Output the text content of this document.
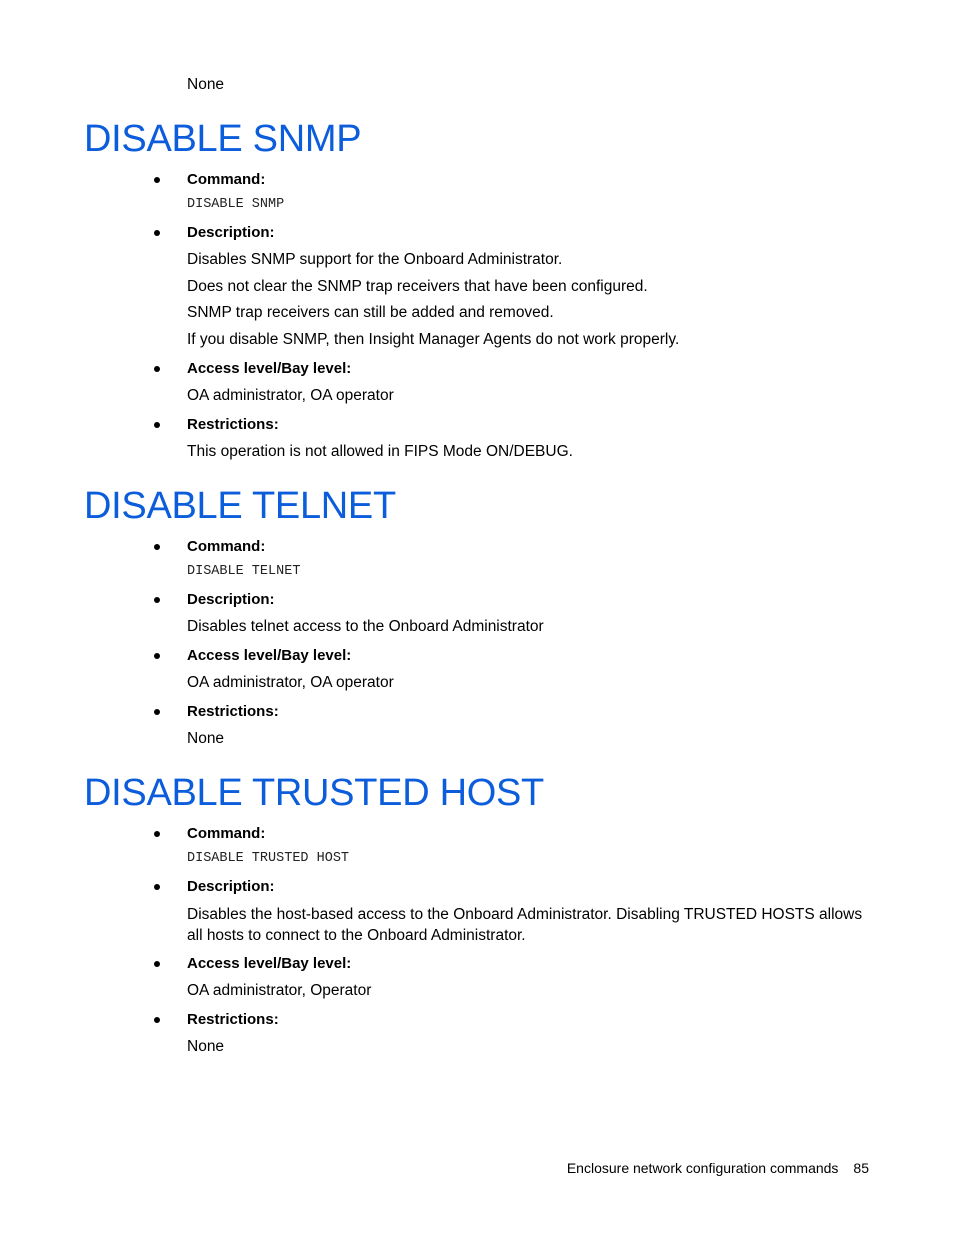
None
DISABLE SNMP
Command:
DISABLE SNMP
Description:
Disables SNMP support for the Onboard Administrator.
Does not clear the SNMP trap receivers that have been configured.
SNMP trap receivers can still be added and removed.
If you disable SNMP, then Insight Manager Agents do not work properly.
Access level/Bay level:
OA administrator, OA operator
Restrictions:
This operation is not allowed in FIPS Mode ON/DEBUG.
DISABLE TELNET
Command:
DISABLE TELNET
Description:
Disables telnet access to the Onboard Administrator
Access level/Bay level:
OA administrator, OA operator
Restrictions:
None
DISABLE TRUSTED HOST
Command:
DISABLE TRUSTED HOST
Description:
Disables the host-based access to the Onboard Administrator. Disabling TRUSTED HOSTS allows all hosts to connect to the Onboard Administrator.
Access level/Bay level:
OA administrator, Operator
Restrictions:
None
Enclosure network configuration commands 85
